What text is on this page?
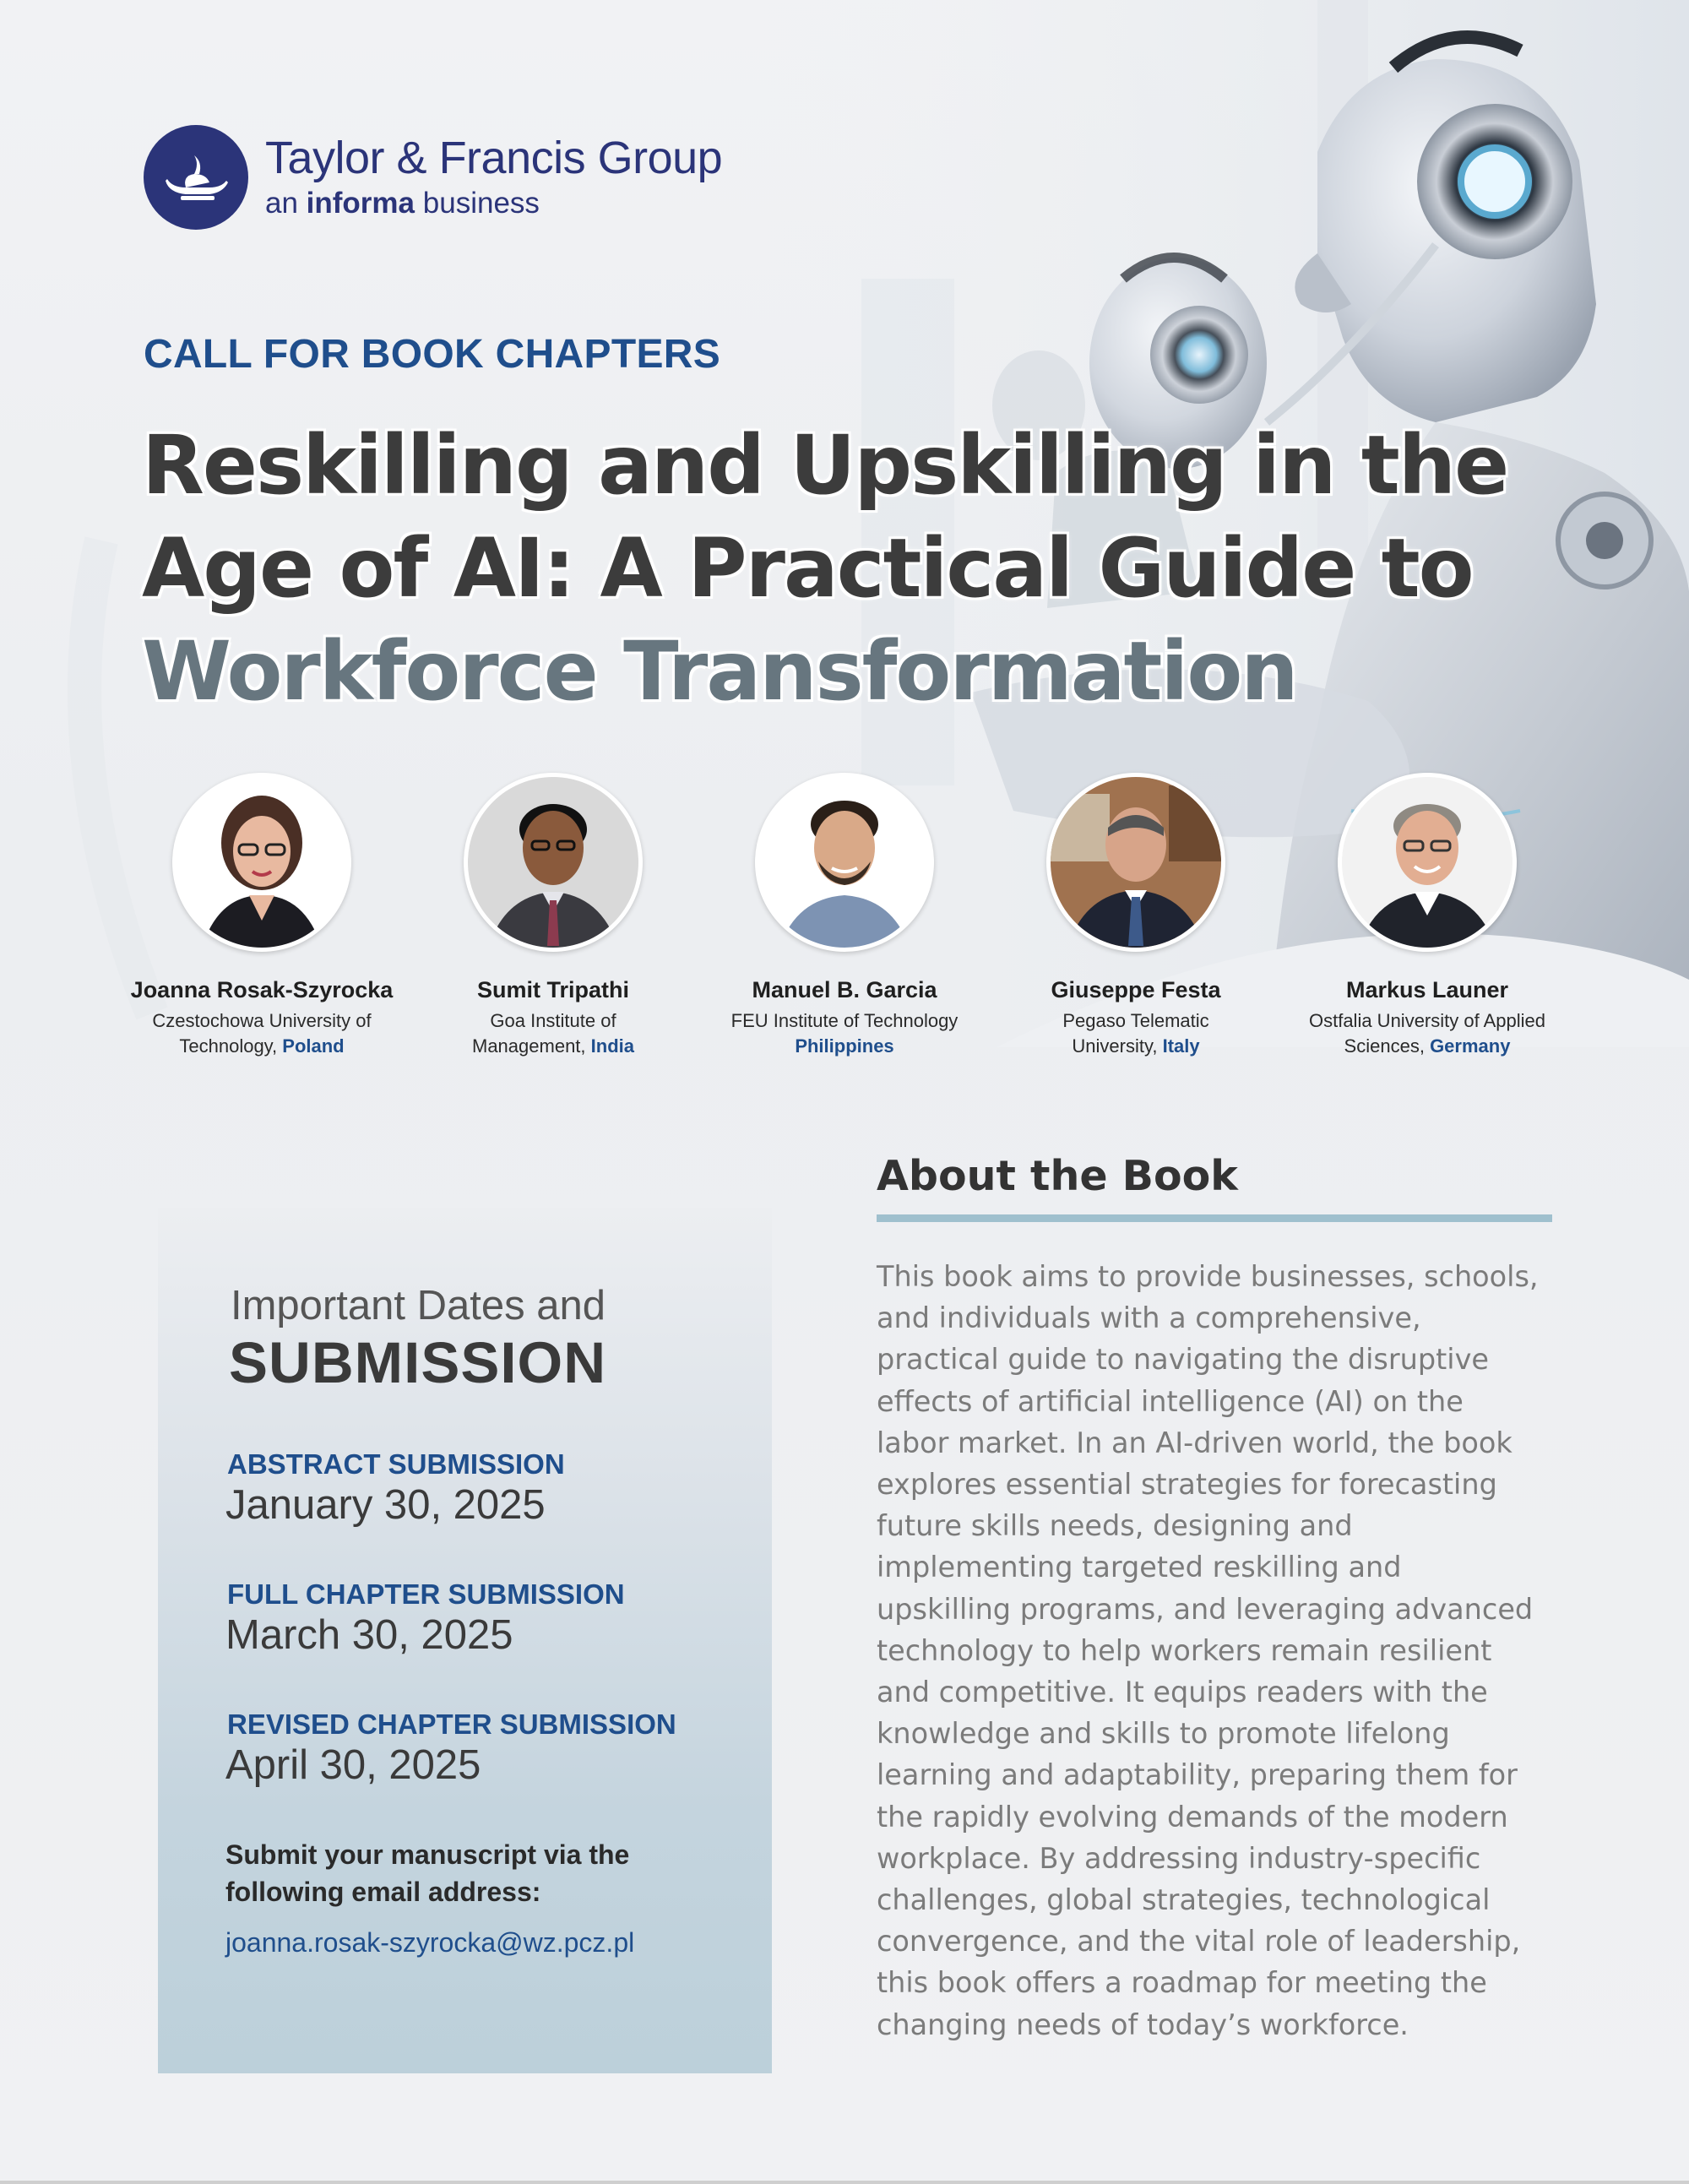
Taylor & Francis Group
an informa business
CALL FOR BOOK CHAPTERS
Reskilling and Upskilling in the
Age of AI: A Practical Guide to
Workforce Transformation
Joanna Rosak-Szyrocka
Czestochowa University of
Technology, Poland
Sumit Tripathi
Goa Institute of
Management, India
Manuel B. Garcia
FEU Institute of Technology
Philippines
Giuseppe Festa
Pegaso Telematic
University, Italy
Markus Launer
Ostfalia University of Applied
Sciences, Germany
Important Dates and
SUBMISSION
ABSTRACT SUBMISSION
January 30, 2025
FULL CHAPTER SUBMISSION
March 30, 2025
REVISED CHAPTER SUBMISSION
April 30, 2025
Submit your manuscript via the following email address:
joanna.rosak-szyrocka@wz.pcz.pl
About the Book
This book aims to provide businesses, schools,
and individuals with a comprehensive,
practical guide to navigating the disruptive
effects of artificial intelligence (AI) on the
labor market. In an AI-driven world, the book
explores essential strategies for forecasting
future skills needs, designing and
implementing targeted reskilling and
upskilling programs, and leveraging advanced
technology to help workers remain resilient
and competitive. It equips readers with the
knowledge and skills to promote lifelong
learning and adaptability, preparing them for
the rapidly evolving demands of the modern
workplace. By addressing industry-specific
challenges, global strategies, technological
convergence, and the vital role of leadership,
this book offers a roadmap for meeting the
changing needs of today’s workforce.
